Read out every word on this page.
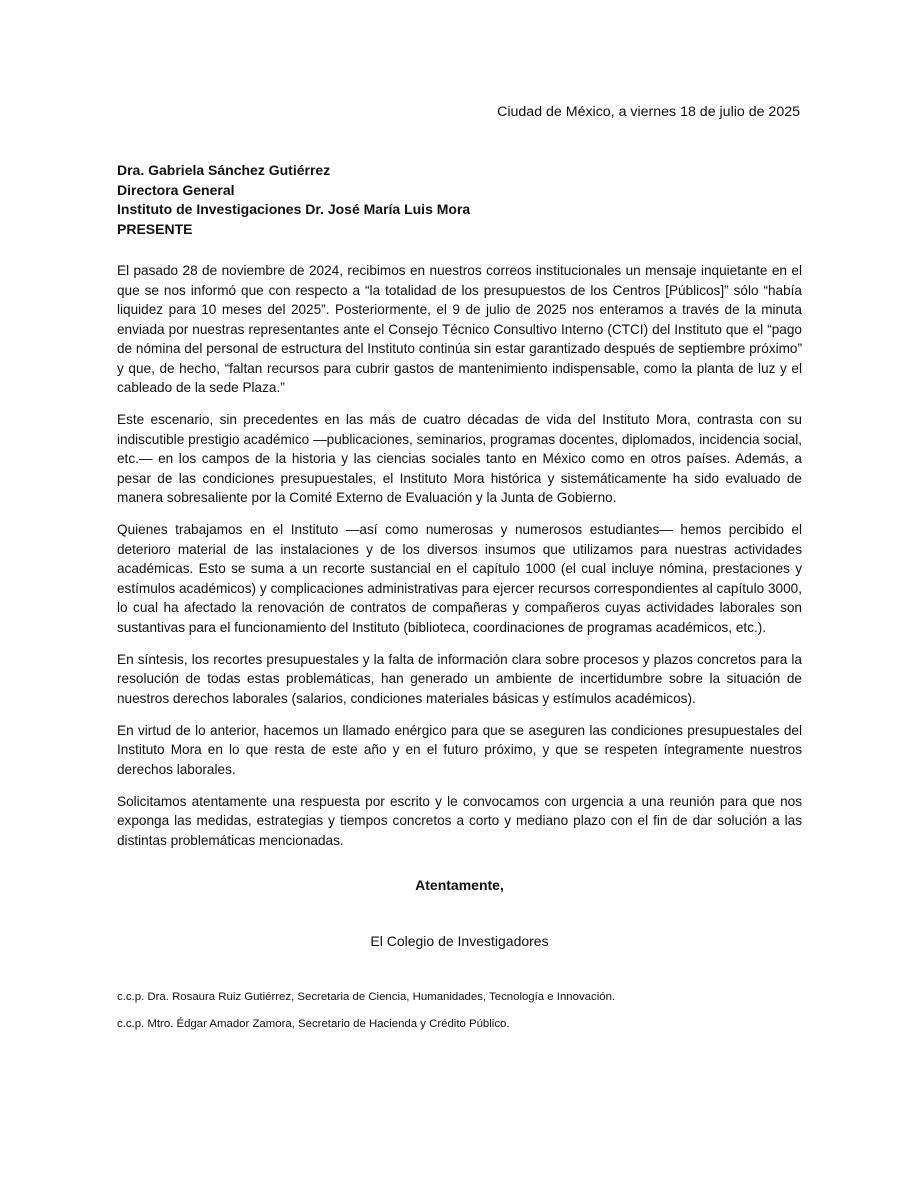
Ciudad de México, a viernes 18 de julio de 2025
Dra. Gabriela Sánchez Gutiérrez
Directora General
Instituto de Investigaciones Dr. José María Luis Mora
PRESENTE

El pasado 28 de noviembre de 2024, recibimos en nuestros correos institucionales un mensaje inquietante en el que se nos informó que con respecto a “la totalidad de los presupuestos de los Centros [Públicos]” sólo “había liquidez para 10 meses del 2025”. Posteriormente, el 9 de julio de 2025 nos enteramos a través de la minuta enviada por nuestras representantes ante el Consejo Técnico Consultivo Interno (CTCI) del Instituto que el “pago de nómina del personal de estructura del Instituto continúa sin estar garantizado después de septiembre próximo” y que, de hecho, “faltan recursos para cubrir gastos de mantenimiento indispensable, como la planta de luz y el cableado de la sede Plaza.”

Este escenario, sin precedentes en las más de cuatro décadas de vida del Instituto Mora, contrasta con su indiscutible prestigio académico —publicaciones, seminarios, programas docentes, diplomados, incidencia social, etc.— en los campos de la historia y las ciencias sociales tanto en México como en otros países. Además, a pesar de las condiciones presupuestales, el Instituto Mora histórica y sistemáticamente ha sido evaluado de manera sobresaliente por la Comité Externo de Evaluación y la Junta de Gobierno.

Quienes trabajamos en el Instituto —así como numerosas y numerosos estudiantes— hemos percibido el deterioro material de las instalaciones y de los diversos insumos que utilizamos para nuestras actividades académicas. Esto se suma a un recorte sustancial en el capítulo 1000 (el cual incluye nómina, prestaciones y estímulos académicos) y complicaciones administrativas para ejercer recursos correspondientes al capítulo 3000, lo cual ha afectado la renovación de contratos de compañeras y compañeros cuyas actividades laborales son sustantivas para el funcionamiento del Instituto (biblioteca, coordinaciones de programas académicos, etc.).

En síntesis, los recortes presupuestales y la falta de información clara sobre procesos y plazos concretos para la resolución de todas estas problemáticas, han generado un ambiente de incertidumbre sobre la situación de nuestros derechos laborales (salarios, condiciones materiales básicas y estímulos académicos).

En virtud de lo anterior, hacemos un llamado enérgico para que se aseguren las condiciones presupuestales del Instituto Mora en lo que resta de este año y en el futuro próximo, y que se respeten íntegramente nuestros derechos laborales.

Solicitamos atentamente una respuesta por escrito y le convocamos con urgencia a una reunión para que nos exponga las medidas, estrategias y tiempos concretos a corto y mediano plazo con el fin de dar solución a las distintas problemáticas mencionadas.

Atentamente,
El Colegio de Investigadores
c.c.p. Dra. Rosaura Ruiz Gutiérrez, Secretaria de Ciencia, Humanidades, Tecnología e Innovación.
c.c.p. Mtro. Édgar Amador Zamora, Secretario de Hacienda y Crédito Público.
